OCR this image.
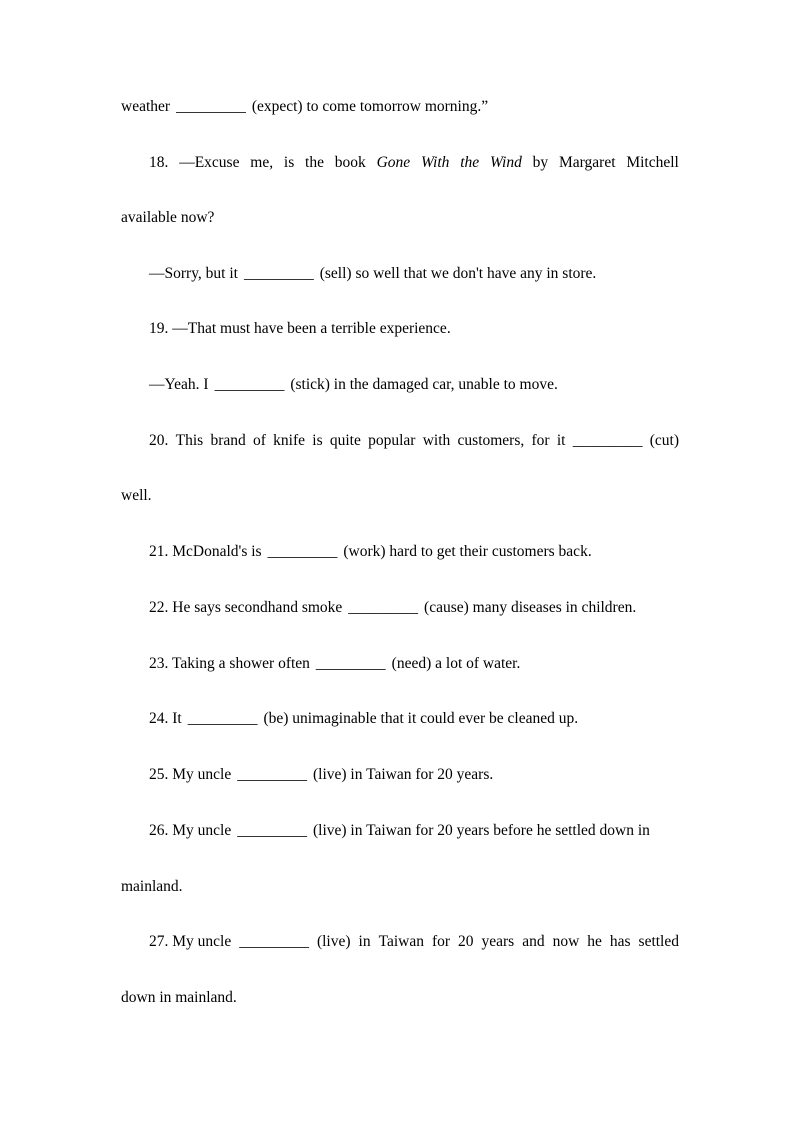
weather _________ (expect) to come tomorrow morning.”
18. —Excuse me, is the book Gone With the Wind by Margaret Mitchell
available now?
—Sorry, but it _________ (sell) so well that we don't have any in store.
19. —That must have been a terrible experience.
—Yeah. I _________ (stick) in the damaged car, unable to move.
20. This brand of knife is quite popular with customers, for it _________ (cut)
well.
21. McDonald's is _________ (work) hard to get their customers back.
22. He says secondhand smoke _________ (cause) many diseases in children.
23. Taking a shower often _________ (need) a lot of water.
24. It _________ (be) unimaginable that it could ever be cleaned up.
25. My uncle _________ (live) in Taiwan for 20 years.
26. My uncle _________ (live) in Taiwan for 20 years before he settled down in
mainland.
27. My uncle _________ (live) in Taiwan for 20 years and now he has settled
down in mainland.
